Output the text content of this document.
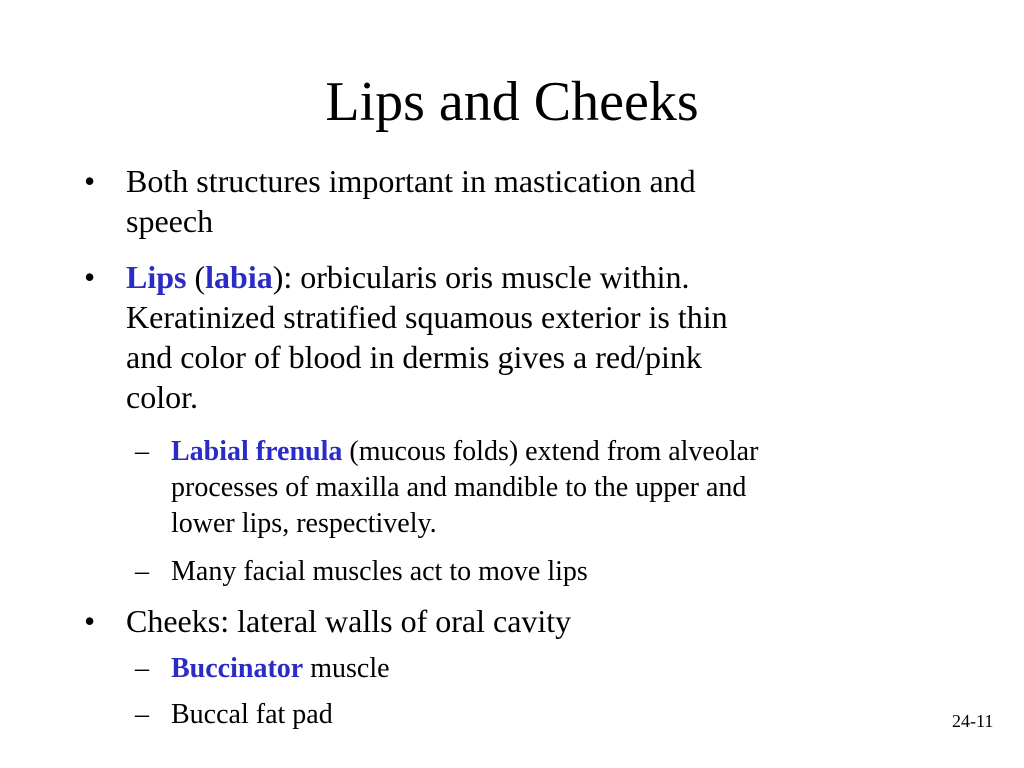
Lips and Cheeks
• Both structures important in mastication and
speech
• Lips (labia): orbicularis oris muscle within.
Keratinized stratified squamous exterior is thin
and color of blood in dermis gives a red/pink
color.
– Labial frenula (mucous folds) extend from alveolar
processes of maxilla and mandible to the upper and
lower lips, respectively.
– Many facial muscles act to move lips
• Cheeks: lateral walls of oral cavity
– Buccinator muscle
– Buccal fat pad	24-11
